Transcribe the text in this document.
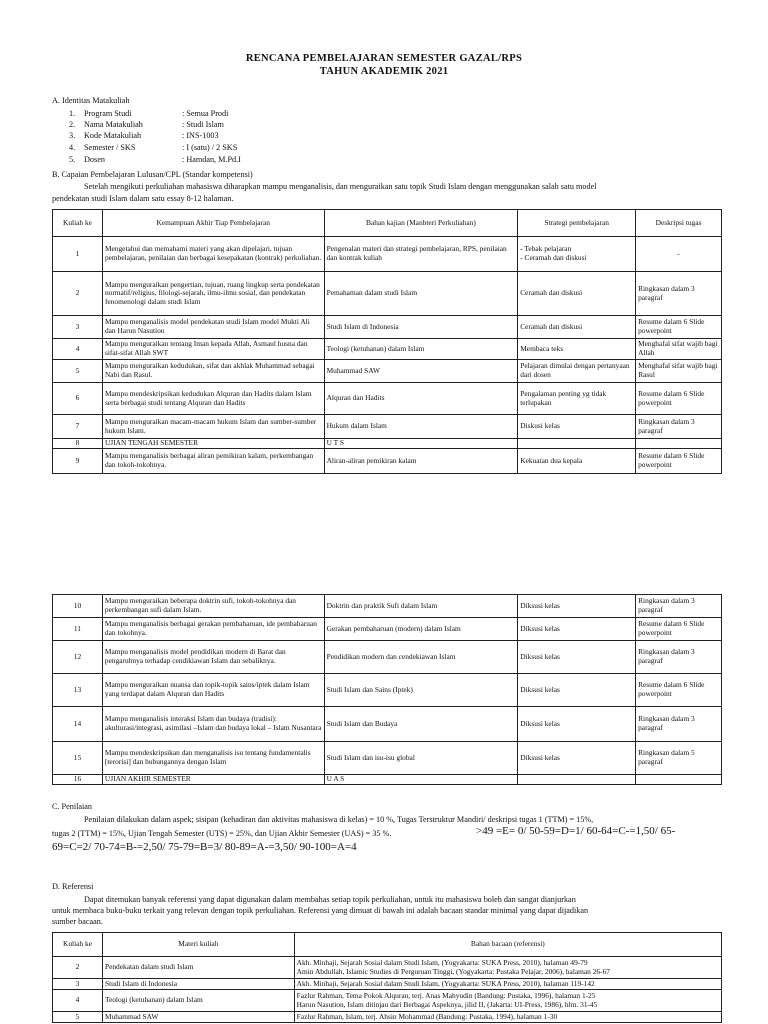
RENCANA PEMBELAJARAN SEMESTER GAZAL/RPS
TAHUN AKADEMIK 2021
A. Identitas Matakuliah
1. Program Studi	: Semua Prodi
2. Nama Matakuliah	: Studi Islam
3. Kode Matakuliah	: INS-1003
4. Semester / SKS	: I (satu) / 2 SKS
5. Dosen	: Hamdan, M.Pd.I
B. Capaian Pembelajaran Lulusan/CPL (Standar kompetensi)
Setelah mengikuti perkuliahan mahasiswa diharapkan mampu menganalisis, dan menguraikan satu topik Studi Islam dengan menggunakan salah satu model
pendekatan studi Islam dalam satu essay 8-12 halaman.
Kuliah ke	Kemampuan Akhir Tiap Pembelajaran	Bahan kajian (Manbteri Perkuliahan)	Strategi pembelajaran	Deskripsi tugas
1	Mengetahui dan memahami materi yang akan dipelajari, tujuan pembelajaran, penilaian dan berbagai kesepakatan (kontrak) perkuliahan.	Pengenalan materi dan strategi pembelajaran, RPS, penilaian dan kontrak kuliah	- Tebak pelajaran
- Ceramah dan diskusi	-
2	Mampu menguraikan pengertian, tujuan, ruang lingkup serta pendekatan normatif/religius, filologi-sejarah, ilmu-ilmu sosial, dan pendekatan fenomenologi dalam studi Islam	Pemahaman dalam studi Islam	Ceramah dan diskusi	Ringkasan dalam 3 paragraf
3	Mampu menganalisis model pendekatan studi Islam model Mukti Ali dan Harun Nasution	Studi Islam di Indonesia	Ceramah dan diskusi	Resume dalam 6 Slide powerpoint
4	Mampu menguraikan tentang Iman kepada Allah, Asmaul husna dan sifat-sifat Allah SWT	Teologi (ketuhanan) dalam Islam	Membaca teks	Menghafal sifat wajib bagi Allah
5	Mampu menguraikan kedudukan, sifat dan akhlak Muhammad sebagai Nabi dan Rasul.	Muhammad SAW	Pelajaran dimulai dengan pertanyaan dari dosen	Menghafal sifat wajib bagi Rasul
6	Mampu mendeskripsikan kedudukan Alquran dan Hadits dalam Islam serta berbagai studi tentang Alquran dan Hadits	Alquran dan Hadits	Pengalaman penting yg tidak terlupakan	Resume dalam 6 Slide powerpoint
7	Mampu menguraikan macam-macam hukum Islam dan sumber-sumber hukum Islam.	Hukum dalam Islam	Diskusi kelas	Ringkasan dalam 3 paragraf
8	UJIAN TENGAH SEMESTER	U T S		
9	Mampu menganalisis berbagai aliran pemikiran kalam, perkembangan dan tokoh-tokohnya.	Aliran-aliran pemikiran kalam	Kekuatan dua kepala	Resume dalam 6 Slide powerpoint
10	Mampu menguraikan beberapa doktrin sufi, tokoh-tokohnya dan perkembangan sufi dalam Islam.	Doktrin dan praktik Sufi dalam Islam	Diksusi kelas	Ringkasan dalam 3 paragraf
11	Mampu menganalisis berbagai gerakan pembaharuan, ide pembaharuan dan tokohnya.	Gerakan pembaharuan (modern) dalam Islam	Diksusi kelas	Resume dalam 6 Slide powerpoint
12	Mampu menganalisis model pendidikan modern di Barat dan pengaruhnya terhadap cendikiawan Islam dan sebaliknya.	Pendidikan modern dan cendekiawan Islam	Diksusi kelas	Ringkasan dalam 3 paragraf
13	Mampu menguraikan nuansa dan topik-topik sains/iptek dalam Islam yang terdapat dalam Alquran dan Hadits	Studi Islam dan Sains (Iptek)	Diksusi kelas	Resume dalam 6 Slide powerpoint
14	Mampu menganalisis interaksi Islam dan budaya (tradisi): akulturasi/integrasi, asimilasi –Islam dan budaya lokal – Islam Nusantara	Studi Islam dan Budaya	Diksusi kelas	Ringkasan dalam 3 paragraf
15	Mampu mendeskripsikan dan menganalisis isu tentang fundamentalis [terorisi] dan hubungannya dengan Islam	Studi Islam dan isu-isu global	Diksusi kelas	Ringkasan dalam 5 paragraf
16	UJIAN AKHIR SEMESTER	U A S		
C. Penilaian
Penilaian dilakukan dalam aspek; sisipan (kehadiran dan aktivitas mahasiswa di kelas) = 10 %, Tugas Terstruktur Mandiri/ deskripsi tugas 1 (TTM) = 15%,
tugas 2 (TTM) = 15%, Ujian Tengah Semester (UTS) = 25%, dan Ujian Akhir Semester (UAS) = 35 %.	>49 =E= 0/ 50-59=D=1/ 60-64=C-=1,50/ 65-
69=C=2/ 70-74=B-=2,50/ 75-79=B=3/ 80-89=A-=3,50/ 90-100=A=4
D. Referensi
Dapat ditemukan banyak referensi yang dapat digunakan dalam membahas setiap topik perkuliahan, untuk itu mahasiswa boleh dan sangat dianjurkan
untuk membaca buku-buku terkait yang relevan dengan topik perkuliahan. Referensi yang dimuat di bawah ini adalah bacaan standar minimal yang dapat dijadikan
sumber bacaan.
Kuliah ke	Materi kuliah	Bahan bacaan (referensi)
2	Pendekatan dalam studi Islam	Akh. Minhaji, Sejarah Sosial dalam Studi Islam, (Yogyakarta: SUKA Press, 2010), halaman 49-79
Amin Abdullah, Islamic Studies di Perguruan Tinggi, (Yogyakarta: Pustaka Pelajar, 2006), halaman 26-67

3	Studi Islam di Indonesia	Akh. Minhaji, Sejarah Sosial dalam Studi Islam, (Yogyakarta: SUKA Press, 2010), halaman 119-142

4	Teologi (ketuhanan) dalam Islam	Fazlur Rahman, Tema Pokok Alquran, terj. Anas Mahyudin (Bandung: Pustaka, 1996), halaman 1-25
Harun Nasution, Islam ditinjau dari Berbagai Aspeknya, jilid II, (Jakarta: UI-Press, 1986), hlm. 31-45

5	Muhammad SAW	Fazlur Rahman, Islam, terj. Ahsin Mohammad (Bandung: Pustaka, 1994), halaman 1-30
